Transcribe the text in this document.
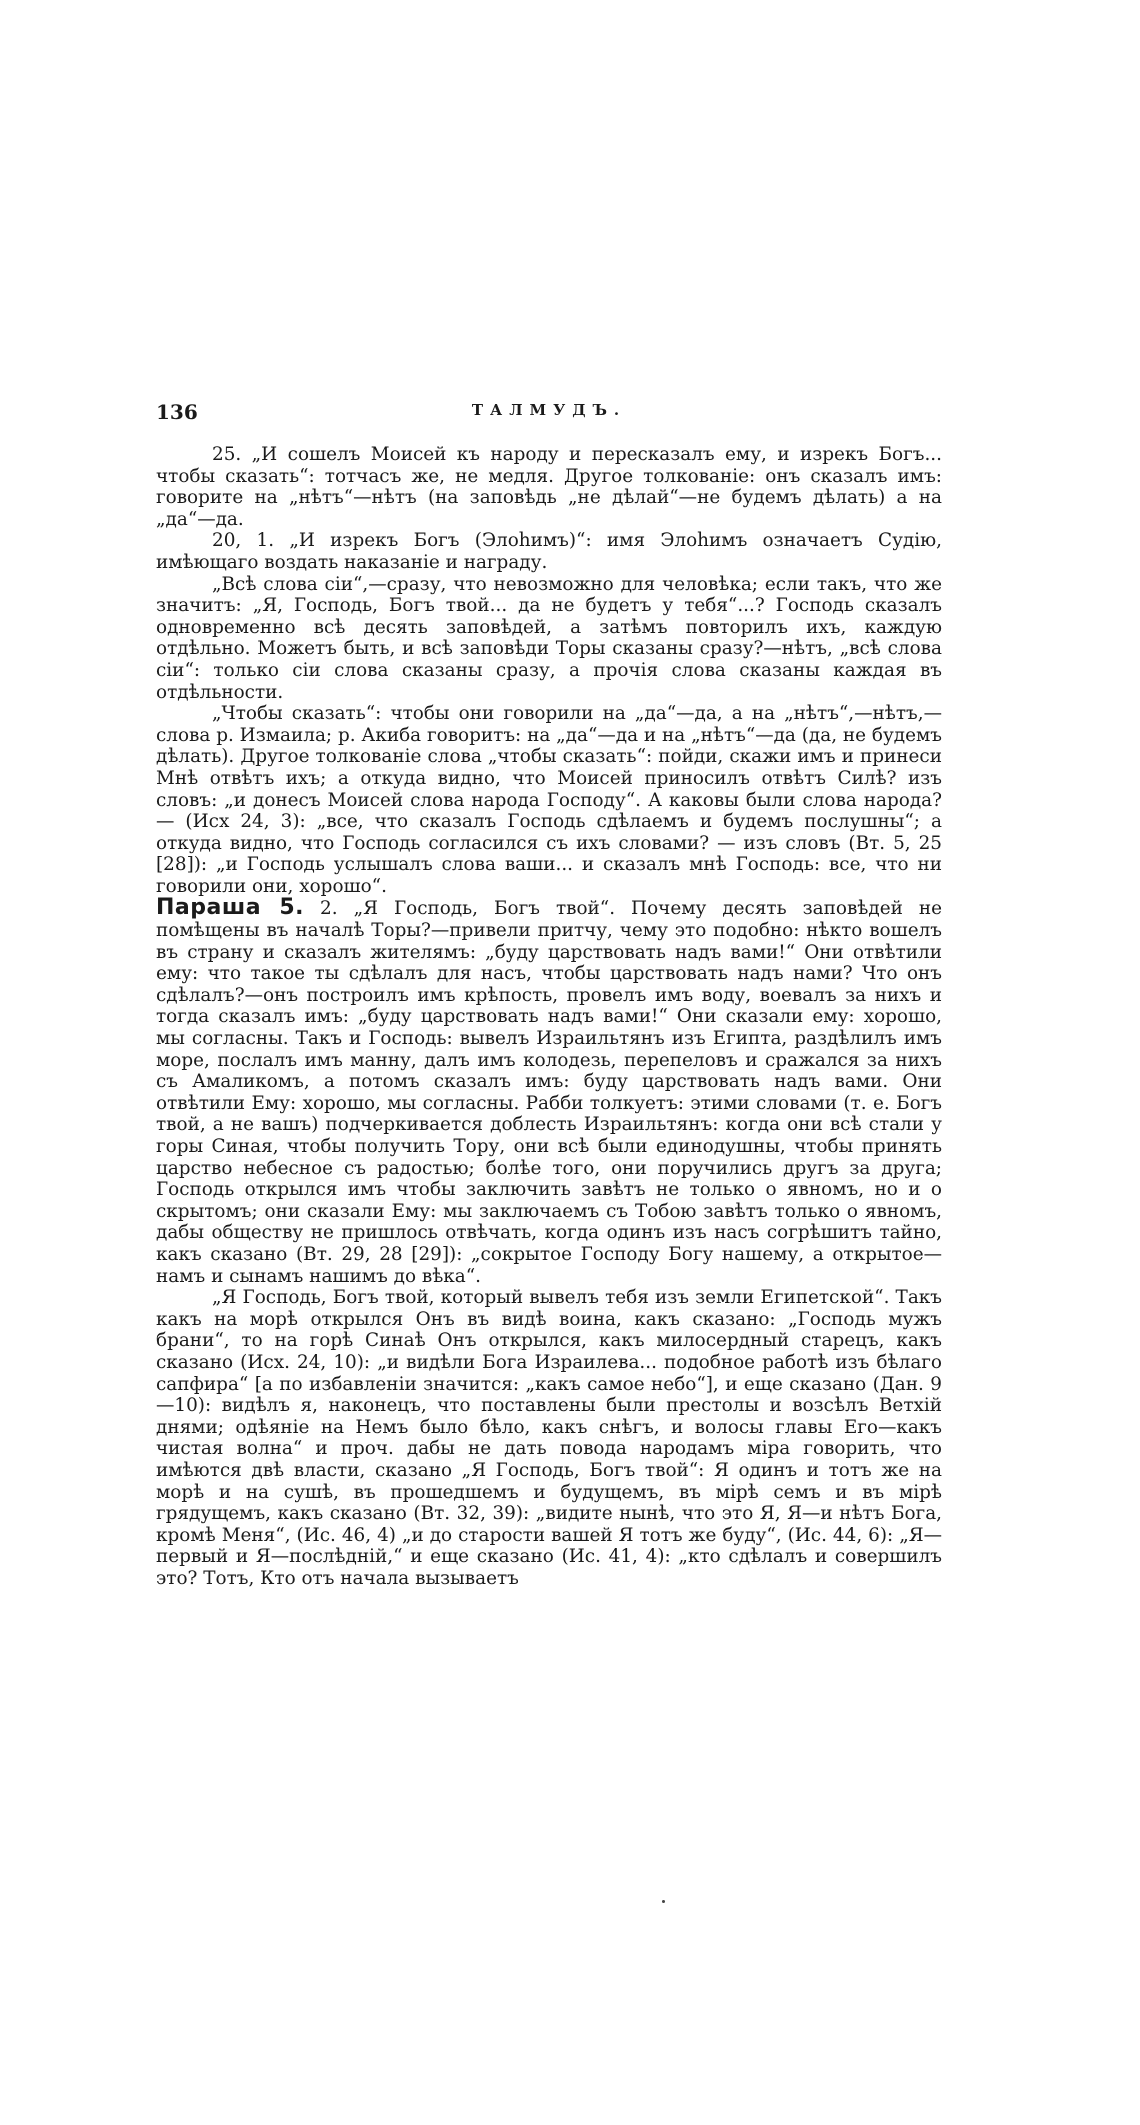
136	ТАЛМУДЪ.

25. „И сошелъ Моисей къ народу и пересказалъ ему, и изрекъ Богъ... чтобы сказать“: тотчасъ же, не медля. Другое толкованіе: онъ сказалъ имъ: говорите на „нѣтъ“—нѣтъ (на заповѣдь „не дѣлай“—не будемъ дѣлать) а на „да“—да.

20, 1. „И изрекъ Богъ (Элоһимъ)“: имя Элоһимъ означаетъ Судію, имѣющаго воздать наказаніе и награду.

„Всѣ слова сіи“,—сразу, что невозможно для человѣка; если такъ, что же значитъ: „Я, Господь, Богъ твой... да не будетъ у тебя“...? Господь сказалъ одновременно всѣ десять заповѣдей, а затѣмъ повторилъ ихъ, каждую отдѣльно. Можетъ быть, и всѣ заповѣди Торы сказаны сразу?—нѣтъ, „всѣ слова сіи“: только сіи слова сказаны сразу, а прочія слова сказаны каждая въ отдѣльности.

„Чтобы сказать“: чтобы они говорили на „да“—да, а на „нѣтъ“,—нѣтъ,—слова р. Измаила; р. Акиба говоритъ: на „да“—да и на „нѣтъ“—да (да, не будемъ дѣлать). Другое толкованіе слова „чтобы сказать“: пойди, скажи имъ и принеси Мнѣ отвѣтъ ихъ; а откуда видно, что Моисей приносилъ отвѣтъ Силѣ? изъ словъ: „и донесъ Моисей слова народа Господу“. А каковы были слова народа? — (Исх 24, 3): „все, что сказалъ Господь сдѣлаемъ и будемъ послушны“; а откуда видно, что Господь согласился съ ихъ словами? — изъ словъ (Вт. 5, 25 [28]): „и Господь услышалъ слова ваши... и сказалъ мнѣ Господь: все, что ни говорили они, хорошо“.

Параша 5. 2. „Я Господь, Богъ твой“. Почему десять заповѣдей не помѣщены въ началѣ Торы?—привели притчу, чему это подобно: нѣкто вошелъ въ страну и сказалъ жителямъ: „буду царствовать надъ вами!“ Они отвѣтили ему: что такое ты сдѣлалъ для насъ, чтобы царствовать надъ нами? Что онъ сдѣлалъ?—онъ построилъ имъ крѣпость, провелъ имъ воду, воевалъ за нихъ и тогда сказалъ имъ: „буду царствовать надъ вами!“ Они сказали ему: хорошо, мы согласны. Такъ и Господь: вывелъ Израильтянъ изъ Египта, раздѣлилъ имъ море, послалъ имъ манну, далъ имъ колодезь, перепеловъ и сражался за нихъ съ Амаликомъ, а потомъ сказалъ имъ: буду царствовать надъ вами. Они отвѣтили Ему: хорошо, мы согласны. Рабби толкуетъ: этими словами (т. е. Богъ твой, а не вашъ) подчеркивается доблесть Израильтянъ: когда они всѣ стали у горы Синая, чтобы получить Тору, они всѣ были единодушны, чтобы принять царство небесное съ радостью; болѣе того, они поручились другъ за друга; Господь открылся имъ чтобы заключить завѣтъ не только о явномъ, но и о скрытомъ; они сказали Ему: мы заключаемъ съ Тобою завѣтъ только о явномъ, дабы обществу не пришлось отвѣчать, когда одинъ изъ насъ согрѣшитъ тайно, какъ сказано (Вт. 29, 28 [29]): „сокрытое Господу Богу нашему, а открытое—намъ и сынамъ нашимъ до вѣка“.

„Я Господь, Богъ твой, который вывелъ тебя изъ земли Египетской“. Такъ какъ на морѣ открылся Онъ въ видѣ воина, какъ сказано: „Господь мужъ брани“, то на горѣ Синаѣ Онъ открылся, какъ милосердный старецъ, какъ сказано (Исх. 24, 10): „и видѣли Бога Израилева... подобное работѣ изъ бѣлаго сапфира“ [а по избавленіи значится: „какъ самое небо“], и еще сказано (Дан. 9 —10): видѣлъ я, наконецъ, что поставлены были престолы и возсѣлъ Ветхій днями; одѣяніе на Немъ было бѣло, какъ снѣгъ, и волосы главы Его—какъ чистая волна“ и проч. дабы не дать повода народамъ міра говорить, что имѣются двѣ власти, сказано „Я Господь, Богъ твой“: Я одинъ и тотъ же на морѣ и на сушѣ, въ прошедшемъ и будущемъ, въ мірѣ семъ и въ мірѣ грядущемъ, какъ сказано (Вт. 32, 39): „видите нынѣ, что это Я, Я—и нѣтъ Бога, кромѣ Меня“, (Ис. 46, 4) „и до старости вашей Я тотъ же буду“, (Ис. 44, 6): „Я—первый и Я—послѣдній,“ и еще сказано (Ис. 41, 4): „кто сдѣлалъ и совершилъ это? Тотъ, Кто отъ начала вызываетъ
